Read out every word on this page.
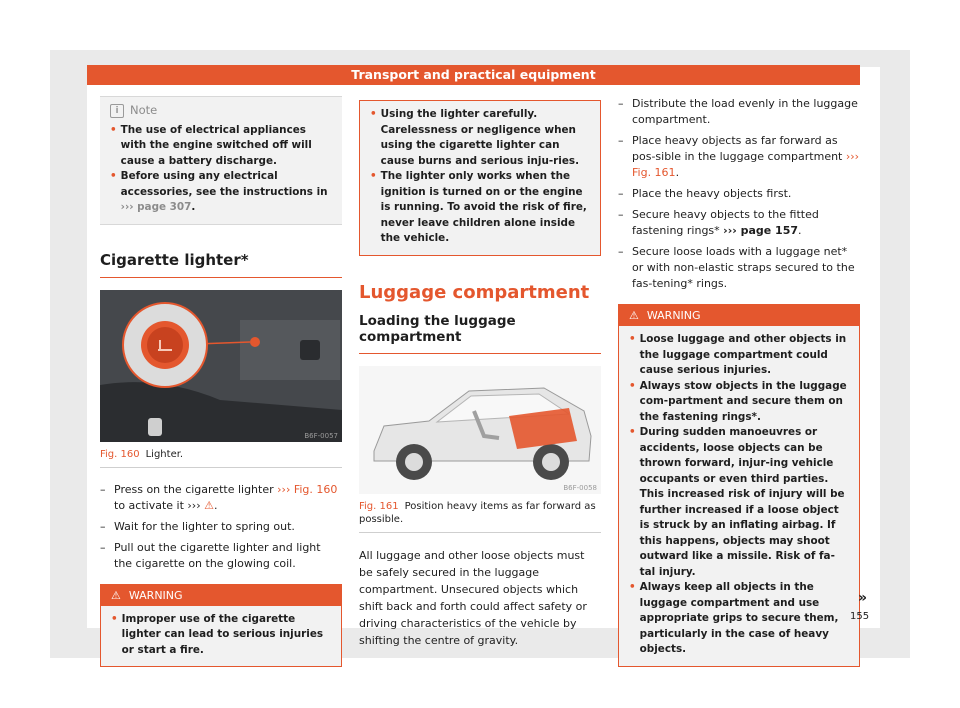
Transport and practical equipment
i Note
• The use of electrical appliances with the engine switched off will cause a battery discharge.
• Before using any electrical accessories, see the instructions in ››› page 307.
Cigarette lighter*
B6F-0057
Fig. 160 Lighter.
– Press on the cigarette lighter ››› Fig. 160 to activate it ››› ⚠.
– Wait for the lighter to spring out.
– Pull out the cigarette lighter and light the cigarette on the glowing coil.
⚠ WARNING
• Improper use of the cigarette lighter can lead to serious injuries or start a fire.
• Using the lighter carefully. Carelessness or negligence when using the cigarette lighter can cause burns and serious inju-ries.
• The lighter only works when the ignition is turned on or the engine is running. To avoid the risk of fire, never leave children alone inside the vehicle.
Luggage compartment
Loading the luggage compartment
B6F-0058
Fig. 161 Position heavy items as far forward as possible.
All luggage and other loose objects must be safely secured in the luggage compartment. Unsecured objects which shift back and forth could affect safety or driving characteristics of the vehicle by shifting the centre of gravity.
– Distribute the load evenly in the luggage compartment.
– Place heavy objects as far forward as pos-sible in the luggage compartment ››› Fig. 161.
– Place the heavy objects first.
– Secure heavy objects to the fitted fastening rings* ››› page 157.
– Secure loose loads with a luggage net* or with non-elastic straps secured to the fas-tening* rings.
⚠ WARNING
• Loose luggage and other objects in the luggage compartment could cause serious injuries.
• Always stow objects in the luggage com-partment and secure them on the fastening rings*.
• During sudden manoeuvres or accidents, loose objects can be thrown forward, injur-ing vehicle occupants or even third parties. This increased risk of injury will be further increased if a loose object is struck by an inflating airbag. If this happens, objects may shoot outward like a missile. Risk of fa-tal injury.
• Always keep all objects in the luggage compartment and use appropriate grips to secure them, particularly in the case of heavy objects.
»
155
